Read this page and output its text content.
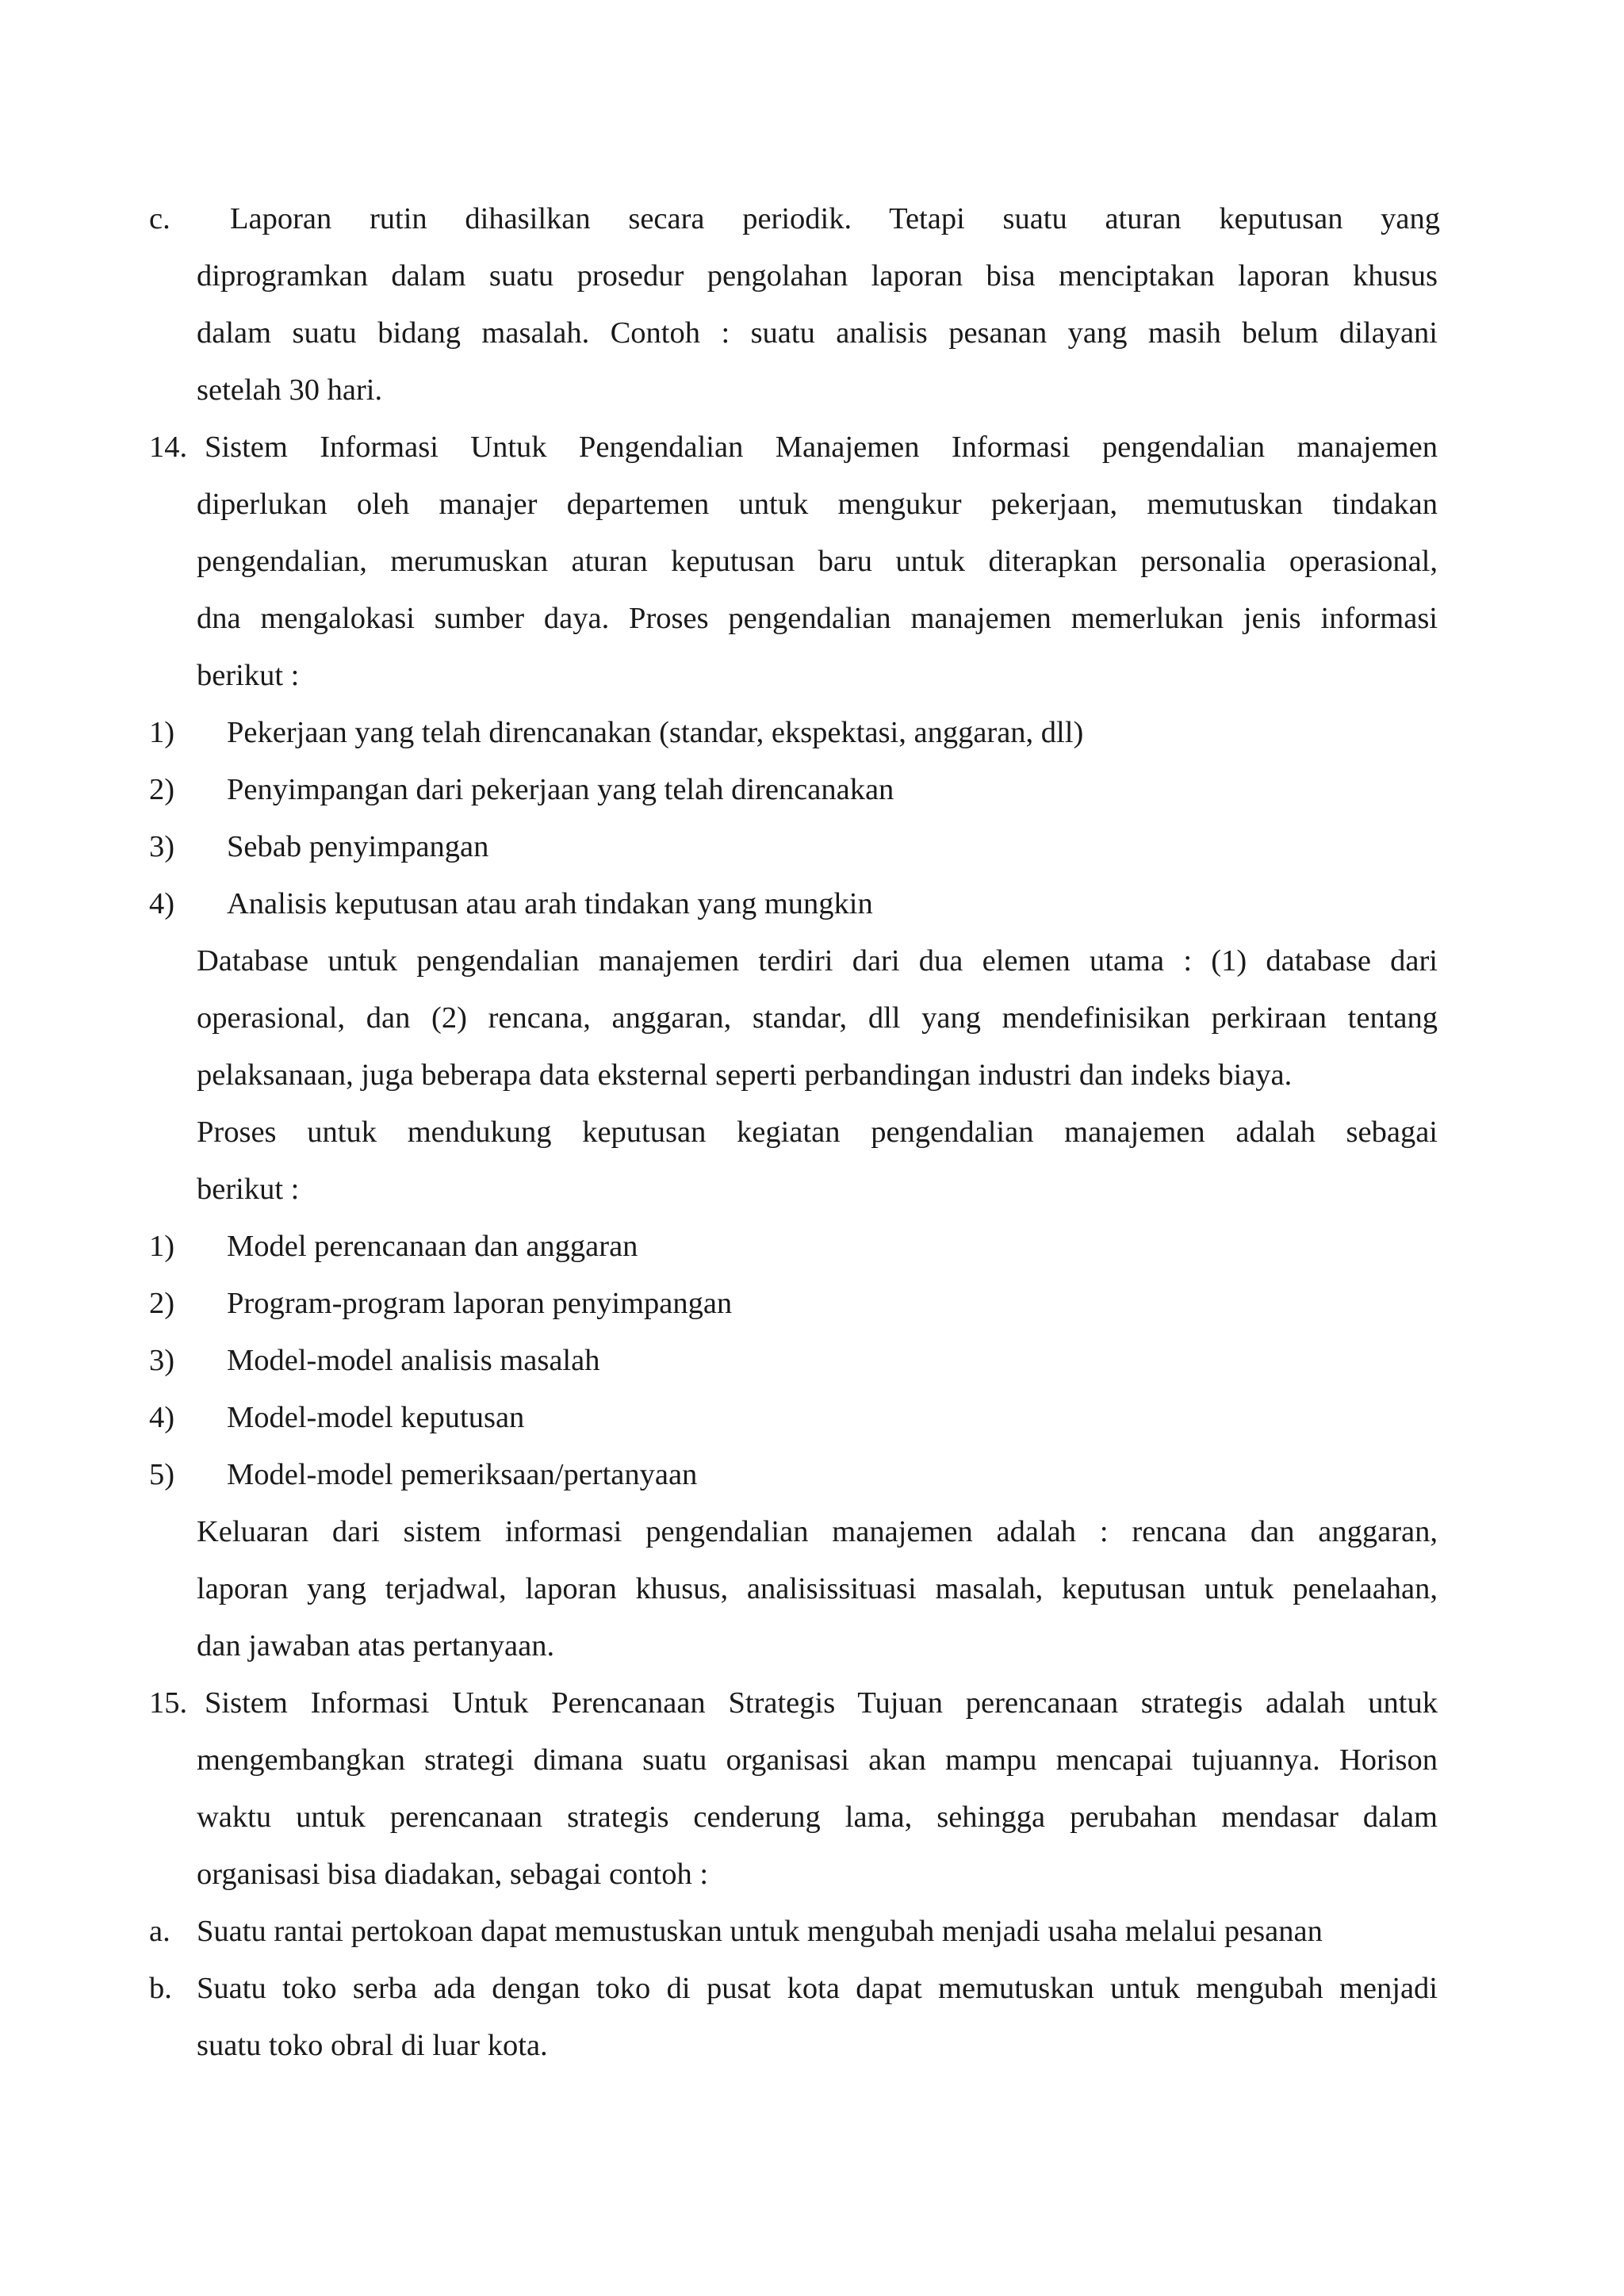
c. Laporan rutin dihasilkan secara periodik. Tetapi suatu aturan keputusan yang
diprogramkan dalam suatu prosedur pengolahan laporan bisa menciptakan laporan khusus
dalam suatu bidang masalah. Contoh : suatu analisis pesanan yang masih belum dilayani
setelah 30 hari.
14. Sistem Informasi Untuk Pengendalian Manajemen Informasi pengendalian manajemen
diperlukan oleh manajer departemen untuk mengukur pekerjaan, memutuskan tindakan
pengendalian, merumuskan aturan keputusan baru untuk diterapkan personalia operasional,
dna mengalokasi sumber daya. Proses pengendalian manajemen memerlukan jenis informasi
berikut :
1) Pekerjaan yang telah direncanakan (standar, ekspektasi, anggaran, dll)
2) Penyimpangan dari pekerjaan yang telah direncanakan
3) Sebab penyimpangan
4) Analisis keputusan atau arah tindakan yang mungkin
Database untuk pengendalian manajemen terdiri dari dua elemen utama : (1) database dari
operasional, dan (2) rencana, anggaran, standar, dll yang mendefinisikan perkiraan tentang
pelaksanaan, juga beberapa data eksternal seperti perbandingan industri dan indeks biaya.
Proses untuk mendukung keputusan kegiatan pengendalian manajemen adalah sebagai
berikut :
1) Model perencanaan dan anggaran
2) Program-program laporan penyimpangan
3) Model-model analisis masalah
4) Model-model keputusan
5) Model-model pemeriksaan/pertanyaan
Keluaran dari sistem informasi pengendalian manajemen adalah : rencana dan anggaran,
laporan yang terjadwal, laporan khusus, analisissituasi masalah, keputusan untuk penelaahan,
dan jawaban atas pertanyaan.
15. Sistem Informasi Untuk Perencanaan Strategis Tujuan perencanaan strategis adalah untuk
mengembangkan strategi dimana suatu organisasi akan mampu mencapai tujuannya. Horison
waktu untuk perencanaan strategis cenderung lama, sehingga perubahan mendasar dalam
organisasi bisa diadakan, sebagai contoh :
a. Suatu rantai pertokoan dapat memustuskan untuk mengubah menjadi usaha melalui pesanan
b. Suatu toko serba ada dengan toko di pusat kota dapat memutuskan untuk mengubah menjadi
suatu toko obral di luar kota.
